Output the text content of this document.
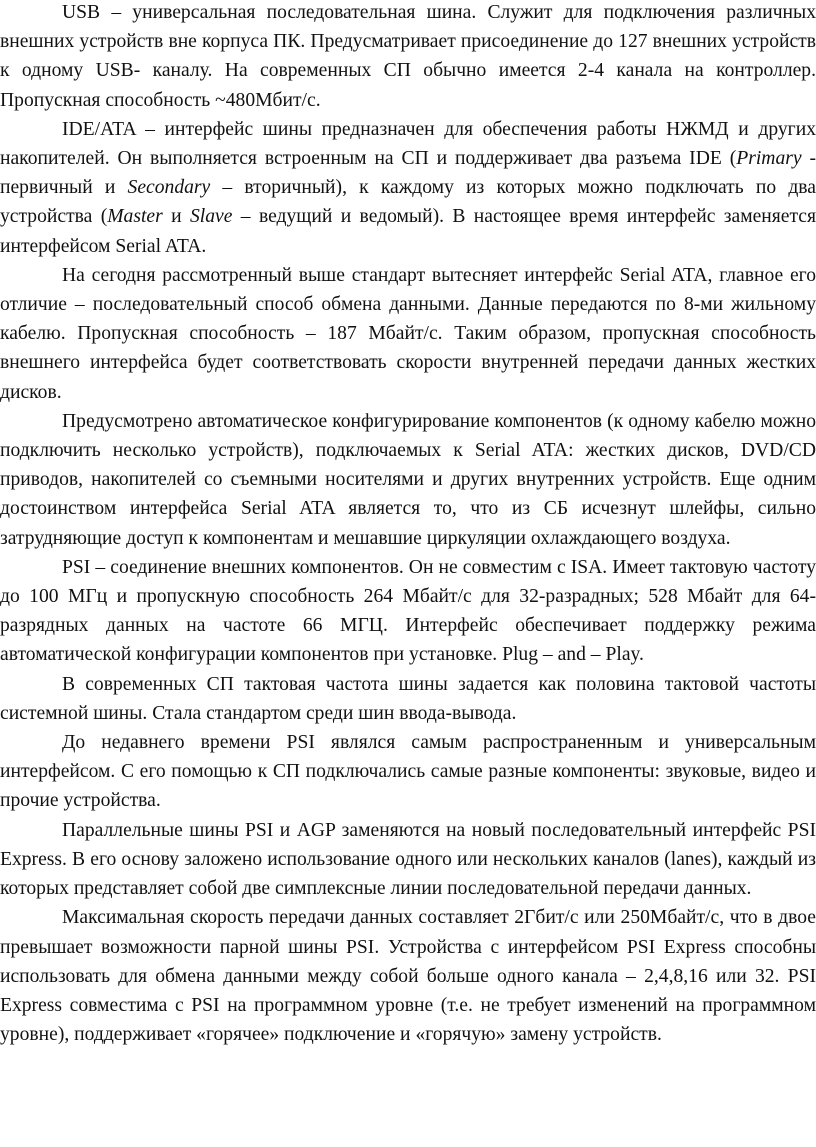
USB – универсальная последовательная шина. Служит для подключения различных внешних устройств вне корпуса ПК. Предусматривает присоединение до 127 внешних устройств к одному USB- каналу. На современных СП обычно имеется 2-4 канала на контроллер. Пропускная способность ~480Мбит/с.

IDE/ATA – интерфейс шины предназначен для обеспечения работы НЖМД и других накопителей. Он выполняется встроенным на СП и поддерживает два разъема IDE (Primary - первичный и Secondary – вторичный), к каждому из которых можно подключать по два устройства (Master и Slave – ведущий и ведомый). В настоящее время интерфейс заменяется интерфейсом Serial ATA.

На сегодня рассмотренный выше стандарт вытесняет интерфейс Serial ATA, главное его отличие – последовательный способ обмена данными. Данные передаются по 8-ми жильному кабелю. Пропускная способность – 187 Мбайт/с. Таким образом, пропускная способность внешнего интерфейса будет соответствовать скорости внутренней передачи данных жестких дисков.

Предусмотрено автоматическое конфигурирование компонентов (к одному кабелю можно подключить несколько устройств), подключаемых к Serial ATA: жестких дисков, DVD/CD приводов, накопителей со съемными носителями и других внутренних устройств. Еще одним достоинством интерфейса Serial ATA является то, что из СБ исчезнут шлейфы, сильно затрудняющие доступ к компонентам и мешавшие циркуляции охлаждающего воздуха.

PSI – соединение внешних компонентов. Он не совместим с ISA. Имеет тактовую частоту до 100 МГц и пропускную способность 264 Мбайт/с для 32-разрадных; 528 Мбайт для 64-разрядных данных на частоте 66 МГЦ. Интерфейс обеспечивает поддержку режима автоматической конфигурации компонентов при установке. Plug – and – Play.

В современных СП тактовая частота шины задается как половина тактовой частоты системной шины. Стала стандартом среди шин ввода-вывода.

До недавнего времени PSI являлся самым распространенным и универсальным интерфейсом. С его помощью к СП подключались самые разные компоненты: звуковые, видео и прочие устройства.

Параллельные шины PSI и AGP заменяются на новый последовательный интерфейс PSI Express. В его основу заложено использование одного или нескольких каналов (lanes), каждый из которых представляет собой две симплексные линии последовательной передачи данных.

Максимальная скорость передачи данных составляет 2Гбит/с или 250Мбайт/с, что в двое превышает возможности парной шины PSI. Устройства с интерфейсом PSI Express способны использовать для обмена данными между собой больше одного канала – 2,4,8,16 или 32. PSI Express совместима с PSI на программном уровне (т.е. не требует изменений на программном уровне), поддерживает «горячее» подключение и «горячую» замену устройств.
